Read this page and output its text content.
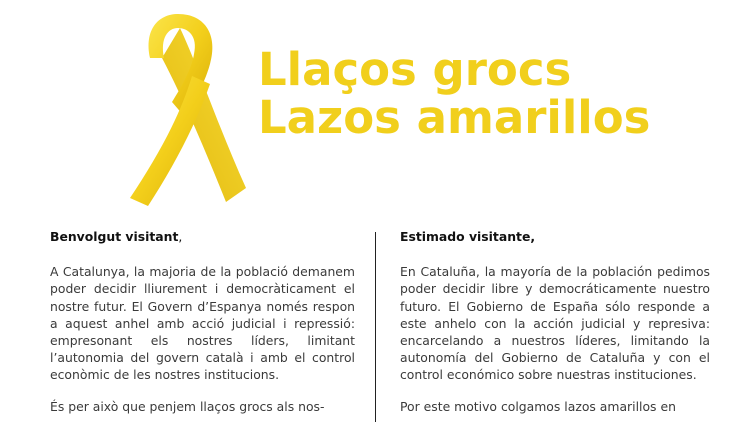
Llaços grocs
Lazos amarillos
Benvolgut visitant,
A Catalunya, la majoria de la població demanem poder decidir lliurement i democràticament el nostre futur. El Govern d’Espanya només respon a aquest anhel amb acció judicial i repressió: empresonant els nostres líders, limitant l’autonomia del govern català i amb el control econòmic de les nostres institucions.
És per això que penjem llaços grocs als nos-
Estimado visitante,
En Cataluña, la mayoría de la población pedimos poder decidir libre y democráticamente nuestro futuro. El Gobierno de España sólo responde a este anhelo con la acción judicial y represiva: encarcelando a nuestros líderes, limitando la autonomía del Gobierno de Cataluña y con el control económico sobre nuestras instituciones.
Por este motivo colgamos lazos amarillos en
